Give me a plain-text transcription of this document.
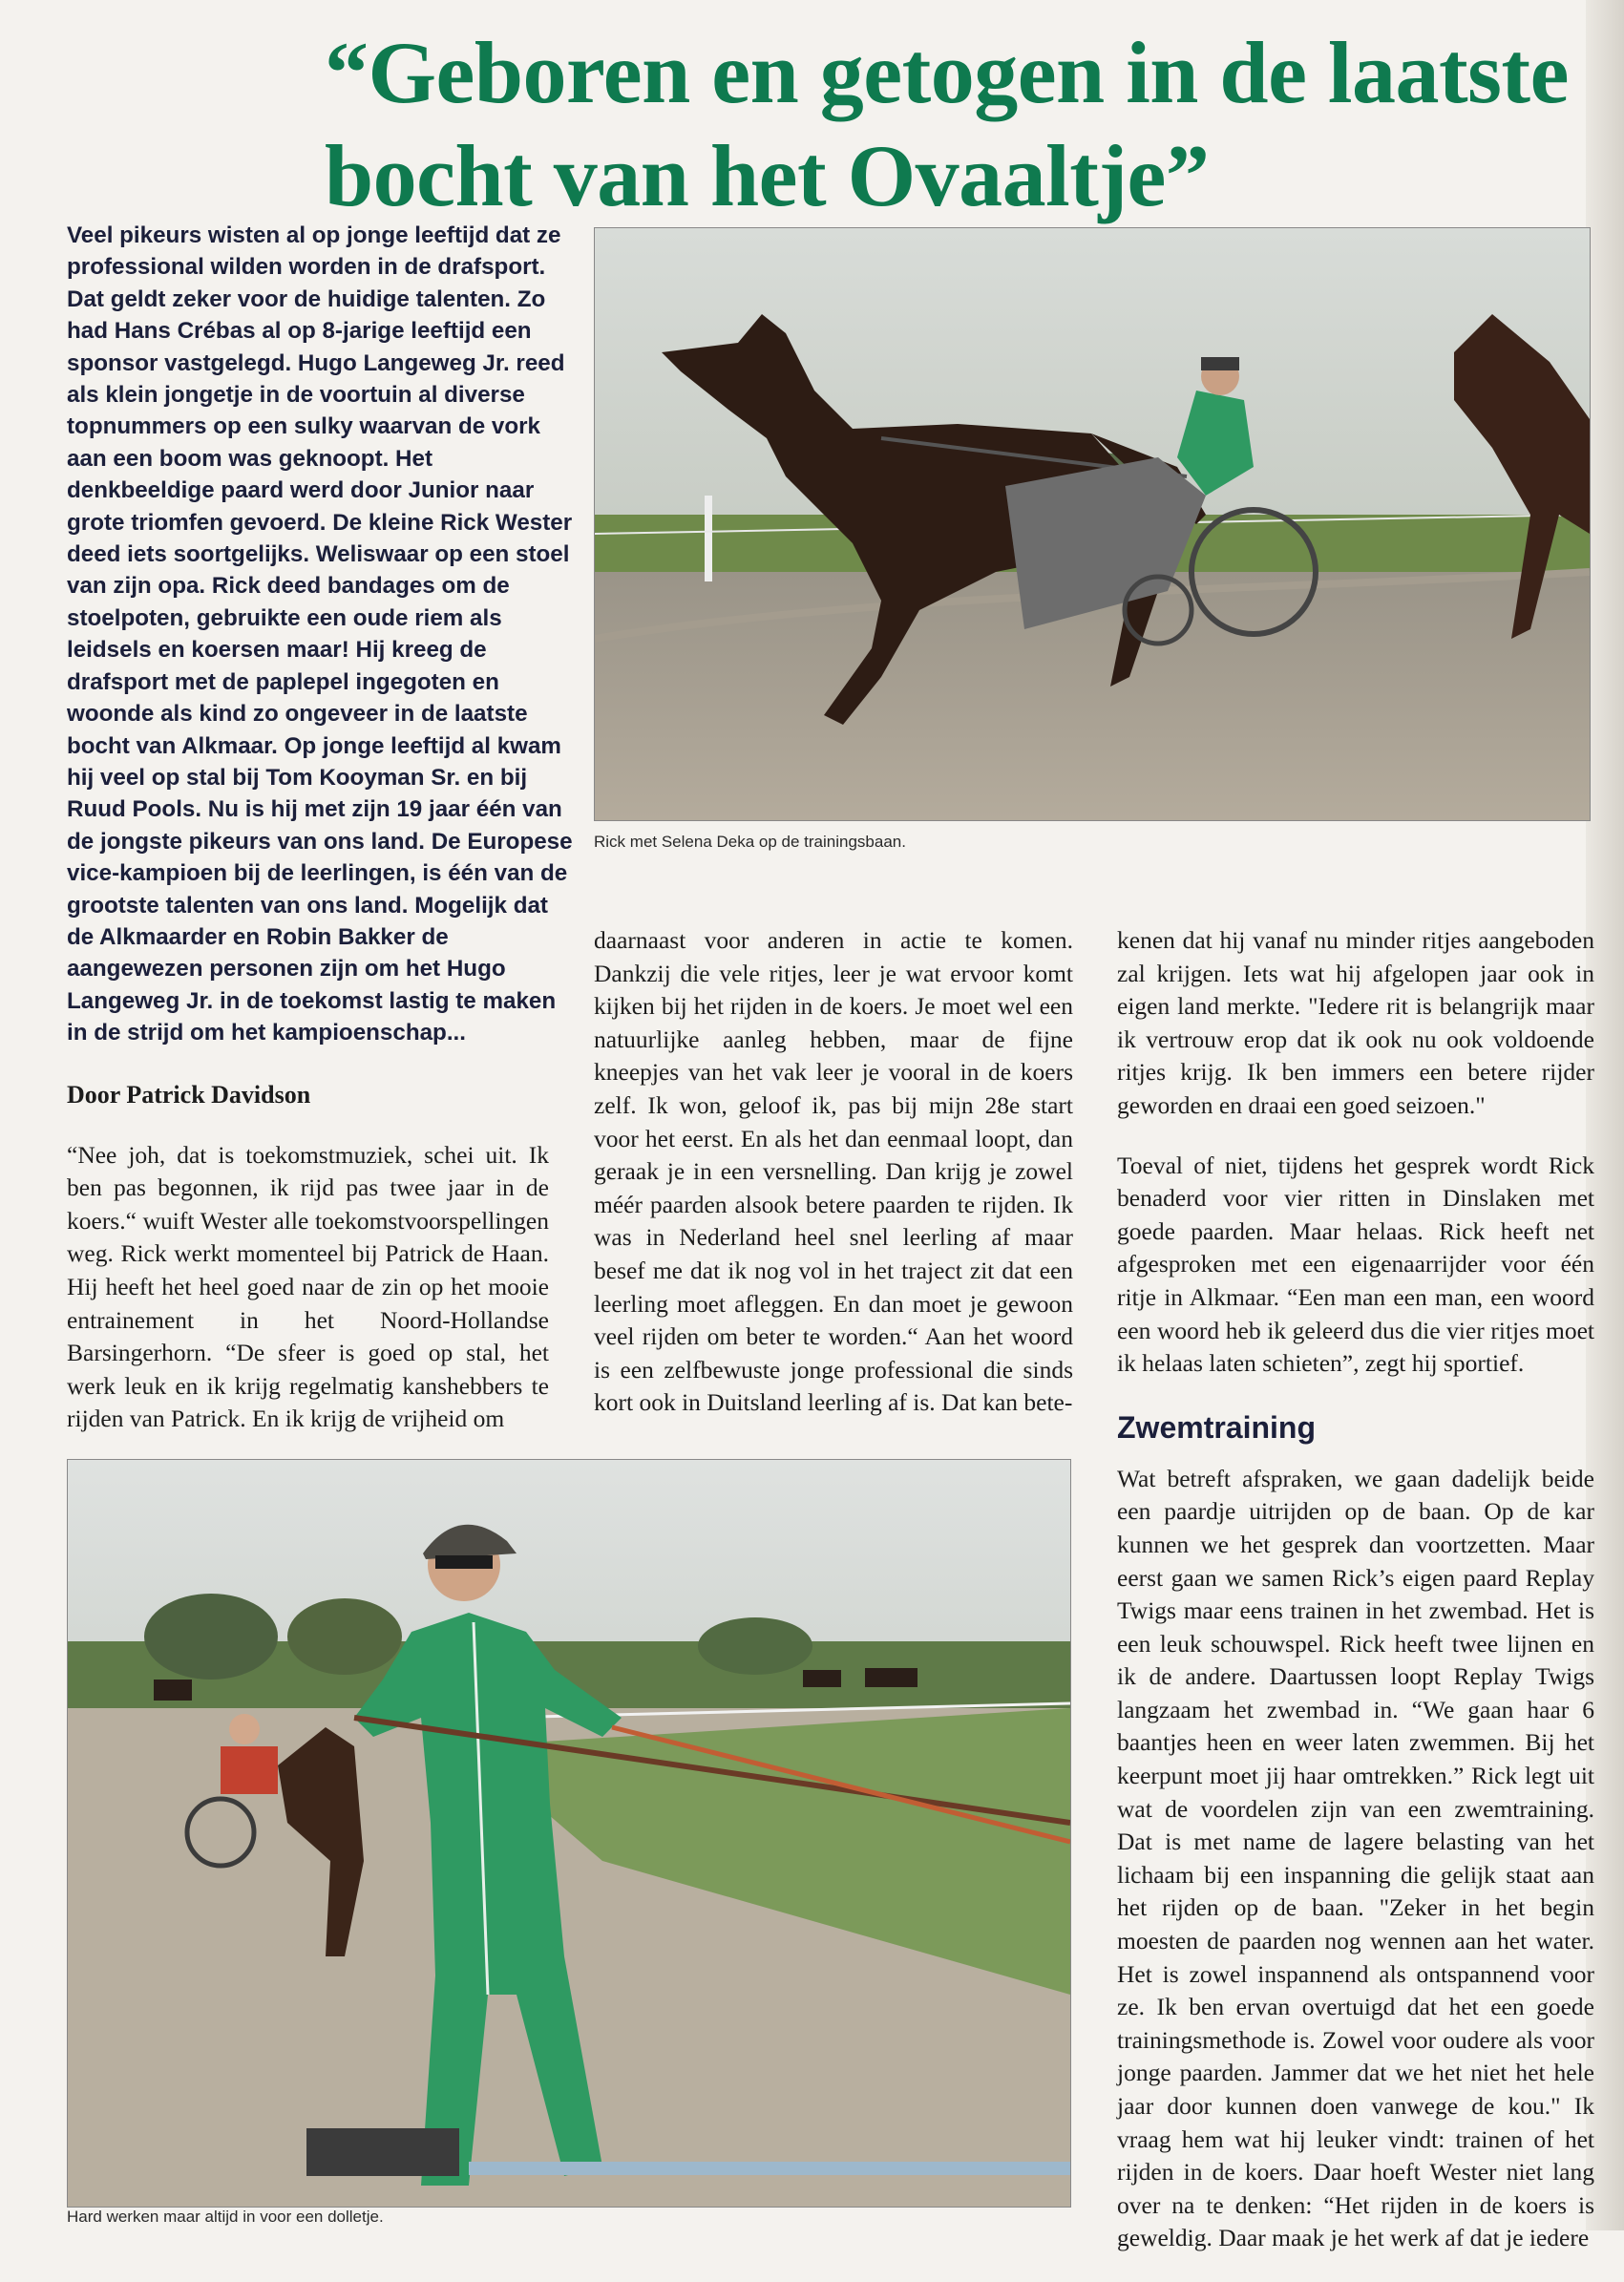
“Geboren en getogen in de laatste bocht van het Ovaaltje”

Veel pikeurs wisten al op jonge leeftijd dat ze professional wilden worden in de drafsport. Dat geldt zeker voor de huidige talenten. Zo had Hans Crébas al op 8-jarige leeftijd een sponsor vastgelegd. Hugo Langeweg Jr. reed als klein jongetje in de voortuin al diverse topnummers op een sulky waarvan de vork aan een boom was geknoopt. Het denkbeeldige paard werd door Junior naar grote triomfen gevoerd. De kleine Rick Wester deed iets soortgelijks. Weliswaar op een stoel van zijn opa. Rick deed bandages om de stoelpoten, gebruikte een oude riem als leidsels en koersen maar! Hij kreeg de drafsport met de paplepel ingegoten en woonde als kind zo ongeveer in de laatste bocht van Alkmaar. Op jonge leeftijd al kwam hij veel op stal bij Tom Kooyman Sr. en bij Ruud Pools. Nu is hij met zijn 19 jaar één van de jongste pikeurs van ons land. De Europese vice-kampioen bij de leerlingen, is één van de grootste talenten van ons land. Mogelijk dat de Alkmaarder en Robin Bakker de aangewezen personen zijn om het Hugo Langeweg Jr. in de toekomst lastig te maken in de strijd om het kampioenschap...

Rick met Selena Deka op de trainingsbaan.

Door Patrick Davidson

“Nee joh, dat is toekomstmuziek, schei uit. Ik ben pas begonnen, ik rijd pas twee jaar in de koers.“ wuift Wester alle toekomstvoorspellingen weg. Rick werkt momenteel bij Patrick de Haan. Hij heeft het heel goed naar de zin op het mooie entrainement in het Noord-Hollandse Barsingerhorn. “De sfeer is goed op stal, het werk leuk en ik krijg regelmatig kanshebbers te rijden van Patrick. En ik krijg de vrijheid om

daarnaast voor anderen in actie te komen. Dankzij die vele ritjes, leer je wat ervoor komt kijken bij het rijden in de koers. Je moet wel een natuurlijke aanleg hebben, maar de fijne kneepjes van het vak leer je vooral in de koers zelf. Ik won, geloof ik, pas bij mijn 28e start voor het eerst. En als het dan eenmaal loopt, dan geraak je in een versnelling. Dan krijg je zowel méér paarden alsook betere paarden te rijden. Ik was in Nederland heel snel leerling af maar besef me dat ik nog vol in het traject zit dat een leerling moet afleggen. En dan moet je gewoon veel rijden om beter te worden.“ Aan het woord is een zelfbewuste jonge professional die sinds kort ook in Duitsland leerling af is. Dat kan bete-

kenen dat hij vanaf nu minder ritjes aangeboden zal krijgen. Iets wat hij afgelopen jaar ook in eigen land merkte. "Iedere rit is belangrijk maar ik vertrouw erop dat ik ook nu ook voldoende ritjes krijg. Ik ben immers een betere rijder geworden en draai een goed seizoen."

Toeval of niet, tijdens het gesprek wordt Rick benaderd voor vier ritten in Dinslaken met goede paarden. Maar helaas. Rick heeft net afgesproken met een eigenaarrijder voor één ritje in Alkmaar. “Een man een man, een woord een woord heb ik geleerd dus die vier ritjes moet ik helaas laten schieten”, zegt hij sportief.

Zwemtraining

Wat betreft afspraken, we gaan dadelijk beide een paardje uitrijden op de baan. Op de kar kunnen we het gesprek dan voortzetten. Maar eerst gaan we samen Rick’s eigen paard Replay Twigs maar eens trainen in het zwembad. Het is een leuk schouwspel. Rick heeft twee lijnen en ik de andere. Daartussen loopt Replay Twigs langzaam het zwembad in. “We gaan haar 6 baantjes heen en weer laten zwemmen. Bij het keerpunt moet jij haar omtrekken.” Rick legt uit wat de voordelen zijn van een zwemtraining. Dat is met name de lagere belasting van het lichaam bij een inspanning die gelijk staat aan het rijden op de baan. "Zeker in het begin moesten de paarden nog wennen aan het water. Het is zowel inspannend als ontspannend voor ze. Ik ben ervan overtuigd dat het een goede trainingsmethode is. Zowel voor oudere als voor jonge paarden. Jammer dat we het niet het hele jaar door kunnen doen vanwege de kou." Ik vraag hem wat hij leuker vindt: trainen of het rijden in de koers. Daar hoeft Wester niet lang over na te denken: “Het rijden in de koers is geweldig. Daar maak je het werk af dat je iedere

Hard werken maar altijd in voor een dolletje.
